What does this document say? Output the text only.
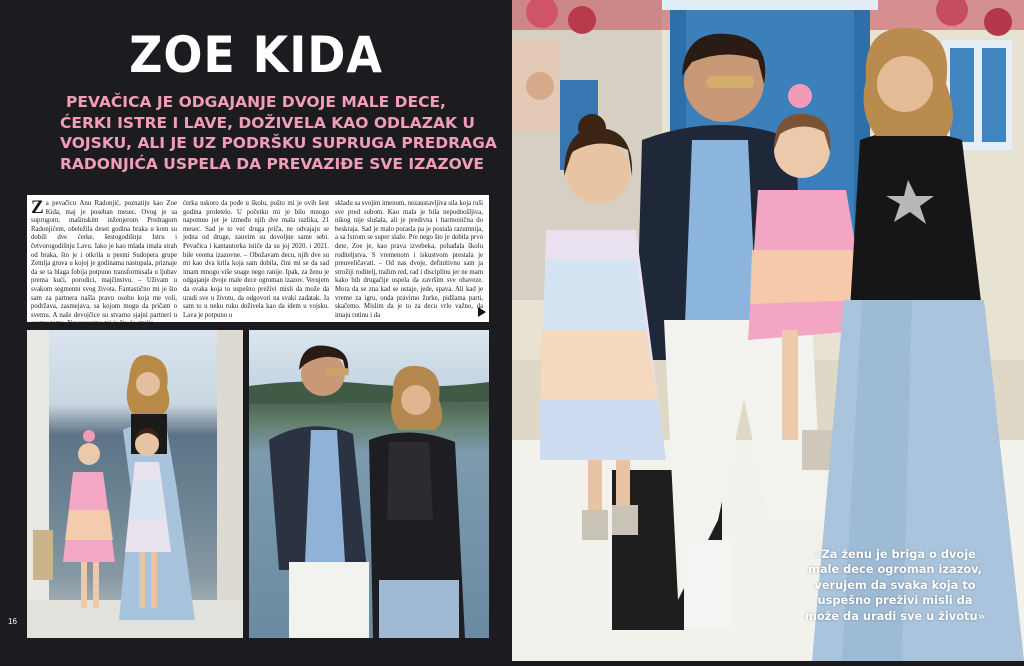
ZOE KIDA
PEVAČICA JE ODGAJANJE DVOJE MALE DECE,
ĆERKI ISTRE I LAVE, DOŽIVELA KAO ODLAZAK U
VOJSKU, ALI JE UZ PODRŠKU SUPRUGA PREDRAGA
RADONJIĆA USPELA DA PREVAZIĐE SVE IZAZOVE
Z a pevačicu Anu Radonjić, poznatiju kao Zoe Kida, maj je poseban mesec. Ovog je sa suprugom, mašinskim inženjerom Predragom Radonjićem, obeležila deset godina braka u kom su dobili dve ćerke, šestogodišnju Istru i četvorogodišnju Lavu. Iako je kao mlada imala strah od braka, što je i otkrila u pesmi Sudopera grupe Zemlja gruva u kojoj je godinama nastupala, priznaje da se ta blaga fobija potpuno transformisala u ljubav prema kući, porodici, majčinstvu. – Uživam u svakom segmentu svog života. Fantastično mi je što sam za partnera našla pravu osobu koja me voli, podržava, zasmejava, sa kojom mogu da pričam o svemu. A naše devojčice su stvarno sjajni partneri u svemu tome. Neverovatno mi je što će starija
ćerka uskoro da pođe u školu, pošto mi je ovih šest godina proletelo. U početku mi je bilo mnogo napomno jer je između njih dve mala razlika, 21 mesec. Sad je to već druga priča, ne odvajaju se jedna od druge, zauvim su dovoljne same sebi. Pevačica i kantautorka ističe da su joj 2020. i 2021. bile veoma izazovne. – Obožavam decu, njih dve su mi kao dva krila koja sam dobila, čini mi se da sad imam mnogo više snage nego ranije. Ipak, za ženu je odgajanje dvoje male dece ogroman izazov. Verujem da svaka koja to uspešno preživi misli da može da uradi sve u životu, da odgovori na svaki zadatak. Ja sam to u neku ruku doživela kao da idem u vojsku. Lava je potpuno u
skladu sa svojim imenom, nezaustavljiva sila koja ruši sve pred sobom. Kao mala je bila nepodnošljiva, nikog nije slušala, ali je predivna i harmonična do beskraja. Sad je malo porasla pa je postala razumnija, a sa Istrom se super slaže. Pre nego što je dobila prvo dete, Zoe je, kao prava izvebeka, pohađala školu roditeljstva. S vremenom i iskustvom prestala je preuveličavati. – Od nas dvoje, definitivno sam ja strožiji roditelj, tražim red, rad i disciplinu jer ne mam kako bih drugačije uspela da završim sve obaveze. Mora da se zna kad se ustaje, jede, spava. Ali kad je vreme za igru, onda pravimo žurke, pidžama parti, skačemo. Mislim da je to za decu vrlo važno, da imaju rutinu i da
16
«Za ženu je briga o dvoje
male dece ogroman izazov,
verujem da svaka koja to
uspešno preživi misli da
može da uradi sve u životu»
